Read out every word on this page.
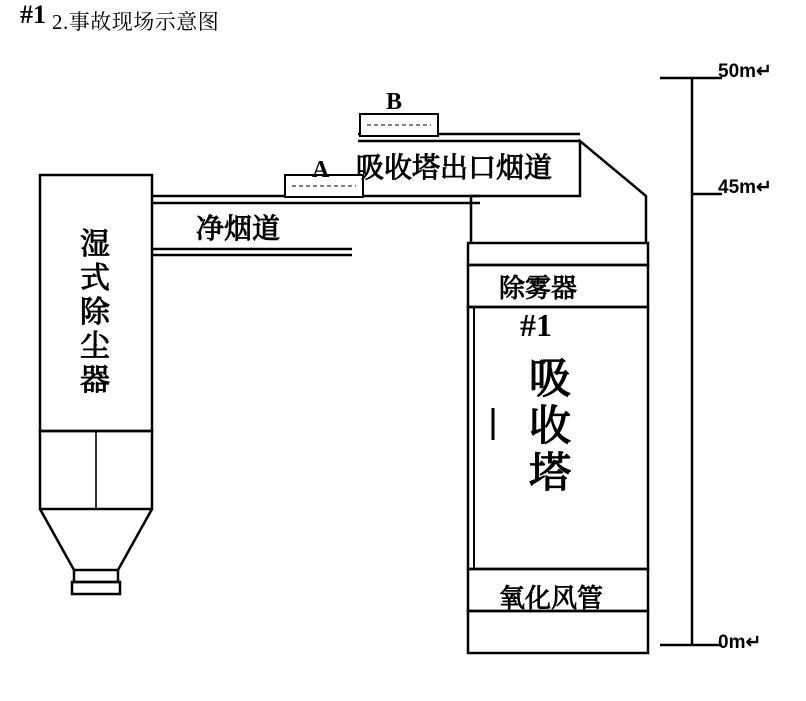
2.事故现场示意图
净烟道
吸收塔出口烟道
A
B
除雾器
氧化风管
#1
吸
收
塔
#1
湿
式
除
尘
器
50m↵
45m↵
0m↵
